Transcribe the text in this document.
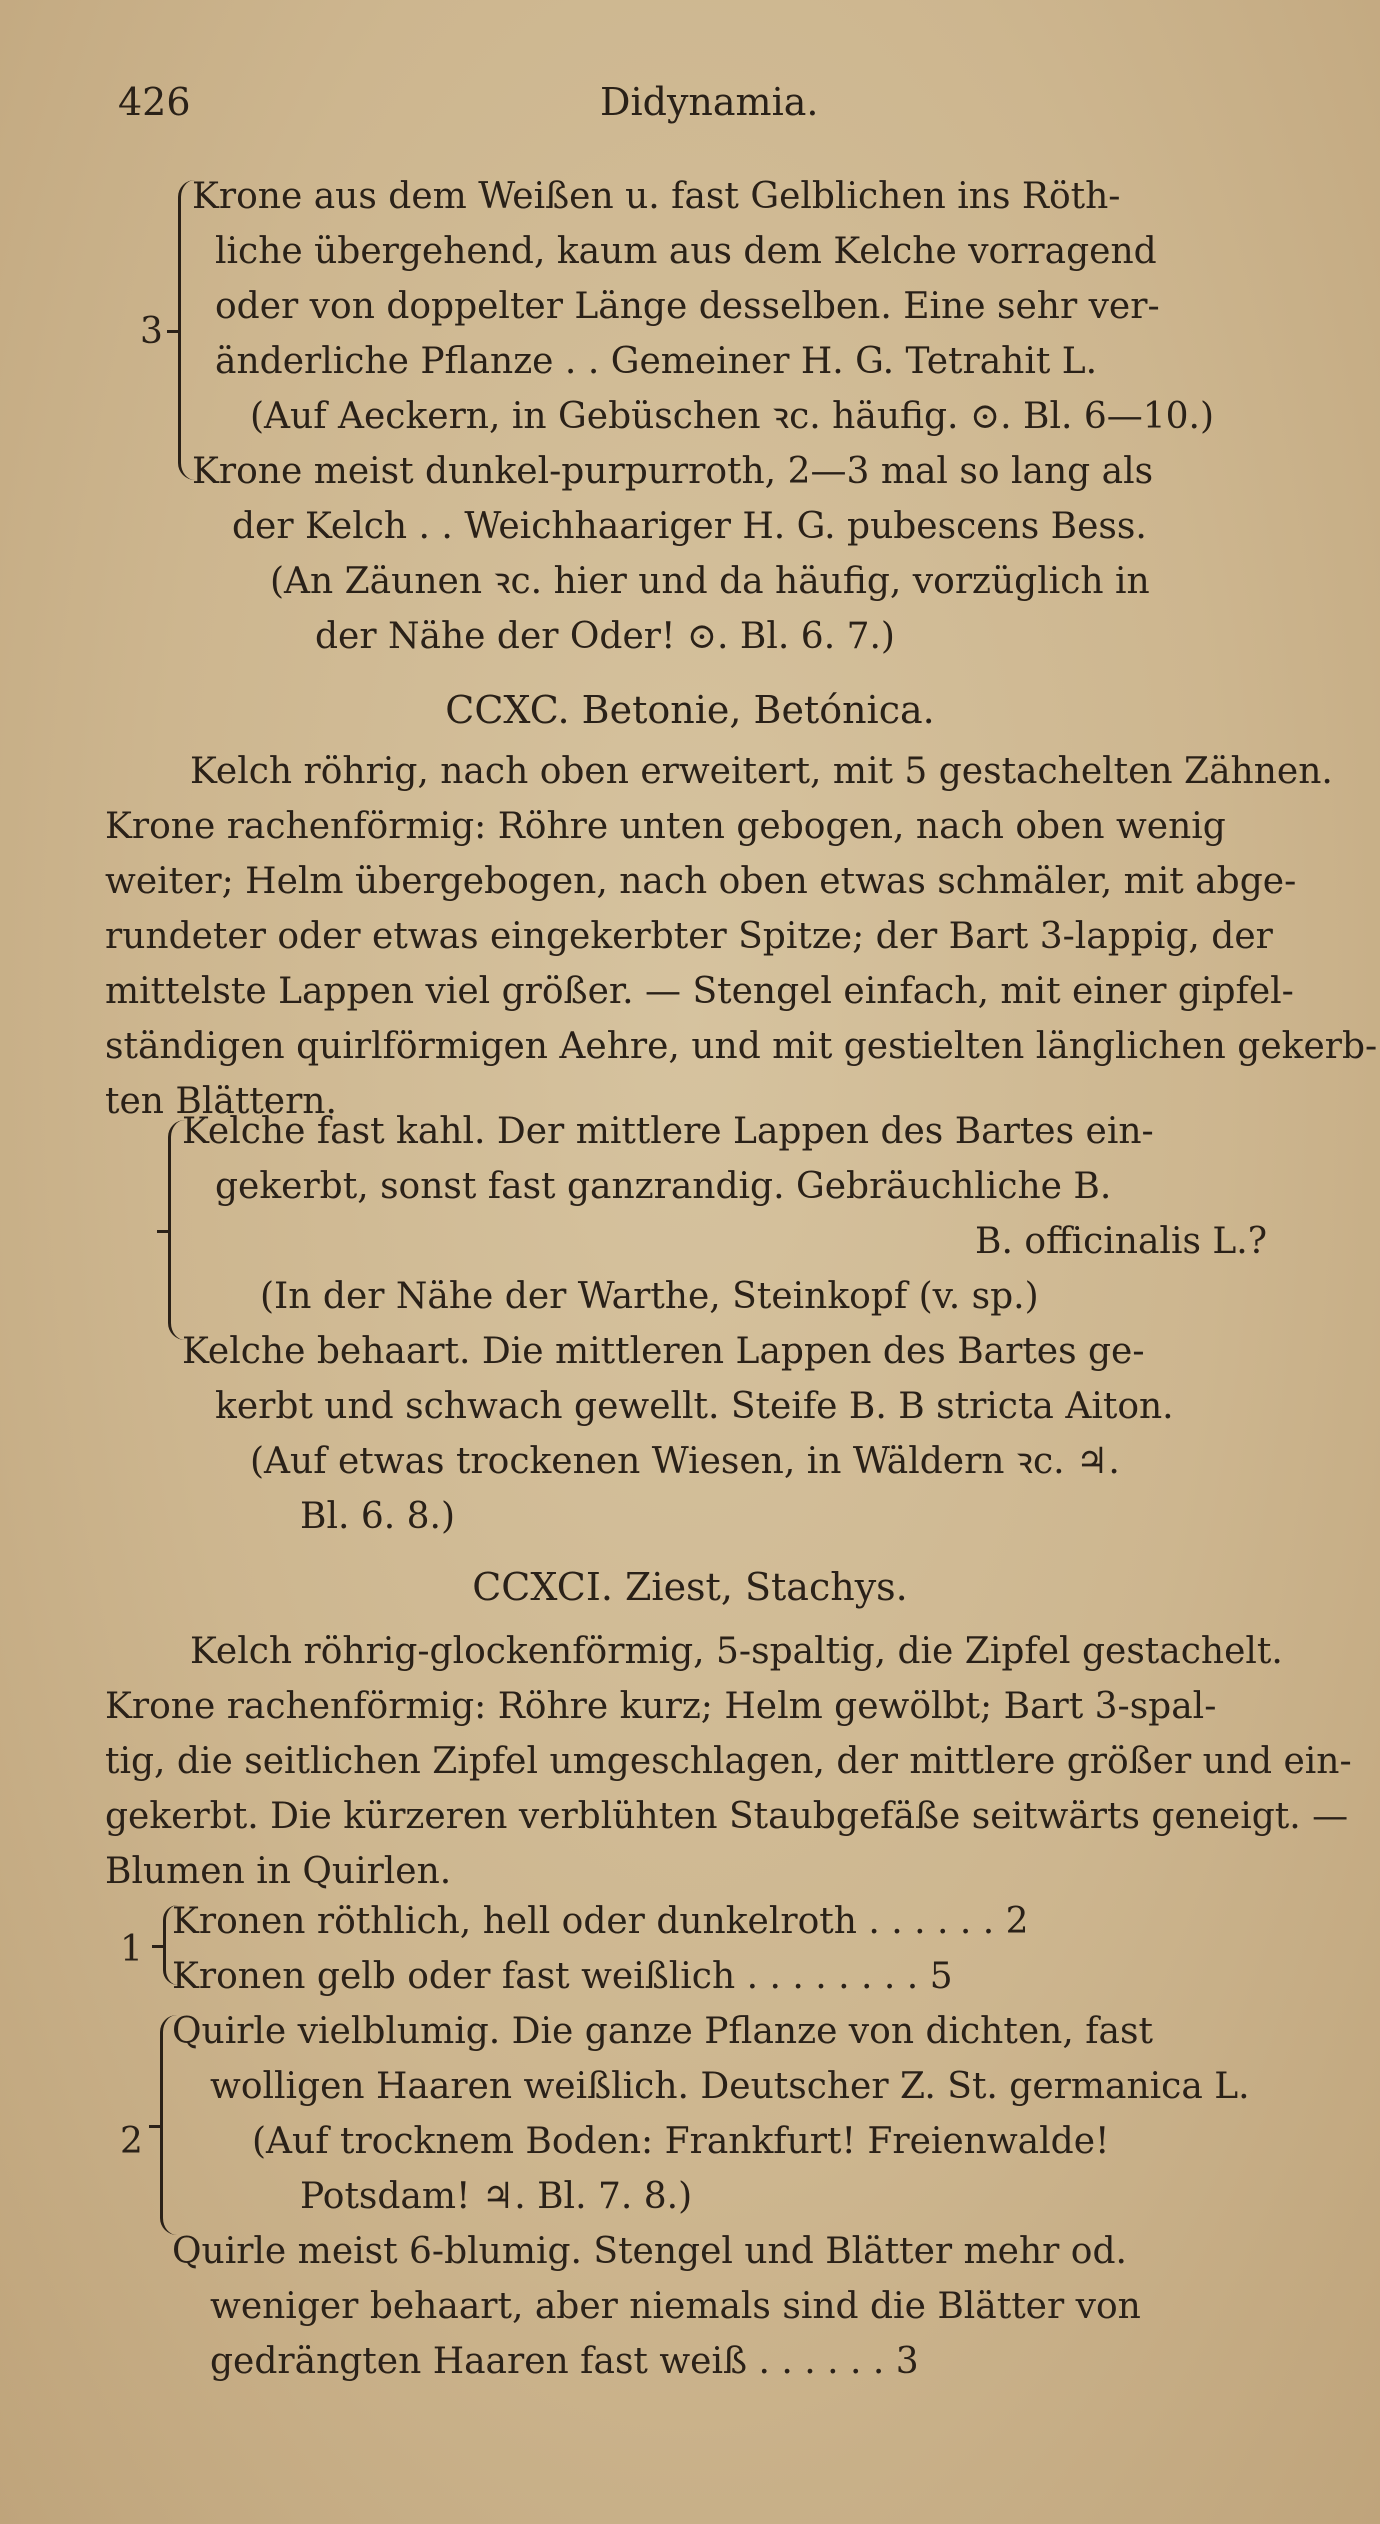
426	Didynamia.
3
Krone aus dem Weißen u. fast Gelblichen ins Röth-
liche übergehend, kaum aus dem Kelche vorragend
oder von doppelter Länge desselben. Eine sehr ver-
änderliche Pflanze . . Gemeiner H. G. Tetrahit L.
(Auf Aeckern, in Gebüschen ꝛc. häufig. ⊙. Bl. 6—10.)
Krone meist dunkel-purpurroth, 2—3 mal so lang als
der Kelch . . Weichhaariger H. G. pubescens Bess.
(An Zäunen ꝛc. hier und da häufig, vorzüglich in
der Nähe der Oder! ⊙. Bl. 6. 7.)
CCXC. Betonie, Betónica.
Kelch röhrig, nach oben erweitert, mit 5 gestachelten Zähnen.
Krone rachenförmig: Röhre unten gebogen, nach oben wenig
weiter; Helm übergebogen, nach oben etwas schmäler, mit abge-
rundeter oder etwas eingekerbter Spitze; der Bart 3-lappig, der
mittelste Lappen viel größer. — Stengel einfach, mit einer gipfel-
ständigen quirlförmigen Aehre, und mit gestielten länglichen gekerb-
ten Blättern.
Kelche fast kahl. Der mittlere Lappen des Bartes ein-
gekerbt, sonst fast ganzrandig. Gebräuchliche B.
B. officinalis L.?
(In der Nähe der Warthe, Steinkopf (v. sp.)
Kelche behaart. Die mittleren Lappen des Bartes ge-
kerbt und schwach gewellt. Steife B. B stricta Aiton.
(Auf etwas trockenen Wiesen, in Wäldern ꝛc. ♃.
Bl. 6. 8.)
CCXCI. Ziest, Stachys.
Kelch röhrig-glockenförmig, 5-spaltig, die Zipfel gestachelt.
Krone rachenförmig: Röhre kurz; Helm gewölbt; Bart 3-spal-
tig, die seitlichen Zipfel umgeschlagen, der mittlere größer und ein-
gekerbt. Die kürzeren verblühten Staubgefäße seitwärts geneigt. —
Blumen in Quirlen.
1
Kronen röthlich, hell oder dunkelroth . . . . . . 2
Kronen gelb oder fast weißlich . . . . . . . . 5
2
Quirle vielblumig. Die ganze Pflanze von dichten, fast
wolligen Haaren weißlich. Deutscher Z. St. germanica L.
(Auf trocknem Boden: Frankfurt! Freienwalde!
Potsdam! ♃. Bl. 7. 8.)
Quirle meist 6-blumig. Stengel und Blätter mehr od.
weniger behaart, aber niemals sind die Blätter von
gedrängten Haaren fast weiß . . . . . . 3
